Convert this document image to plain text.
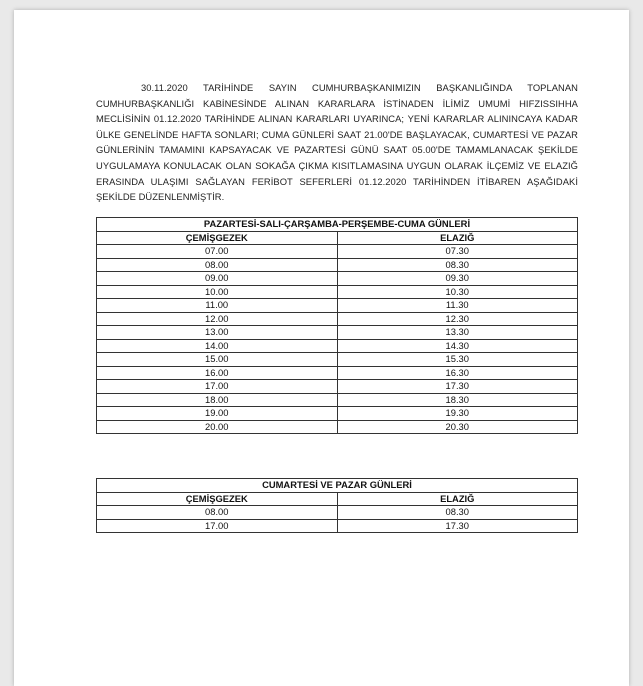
30.11.2020 TARİHİNDE SAYIN CUMHURBAŞKANIMIZIN BAŞKANLIĞINDA TOPLANAN CUMHURBAŞKANLIĞI KABİNESİNDE ALINAN KARARLARA İSTİNADEN İLİMİZ UMUMİ HIFZISSIHHA MECLİSİNİN 01.12.2020 TARİHİNDE ALINAN KARARLARI UYARINCA; YENİ KARARLAR ALININCAYA KADAR ÜLKE GENELİNDE HAFTA SONLARI; CUMA GÜNLERİ SAAT 21.00'DE BAŞLAYACAK, CUMARTESİ VE PAZAR GÜNLERİNİN TAMAMINI KAPSAYACAK VE PAZARTESİ GÜNÜ SAAT 05.00'DE TAMAMLANACAK ŞEKİLDE UYGULAMAYA KONULACAK OLAN SOKAĞA ÇIKMA KISITLAMASINA UYGUN OLARAK İLÇEMİZ VE ELAZIĞ ERASINDA ULAŞIMI SAĞLAYAN FERİBOT SEFERLERİ 01.12.2020 TARİHİNDEN İTİBAREN AŞAĞIDAKİ ŞEKİLDE DÜZENLENMİŞTİR.

PAZARTESİ-SALI-ÇARŞAMBA-PERŞEMBE-CUMA GÜNLERİ	
ÇEMİŞGEZEK	ELAZIĞ
07.00	07.30
08.00	08.30
09.00	09.30
10.00	10.30
11.00	11.30
12.00	12.30
13.00	13.30
14.00	14.30
15.00	15.30
16.00	16.30
17.00	17.30
18.00	18.30
19.00	19.30
20.00	20.30
CUMARTESİ VE PAZAR GÜNLERİ	
ÇEMİŞGEZEK	ELAZIĞ
08.00	08.30
17.00	17.30
